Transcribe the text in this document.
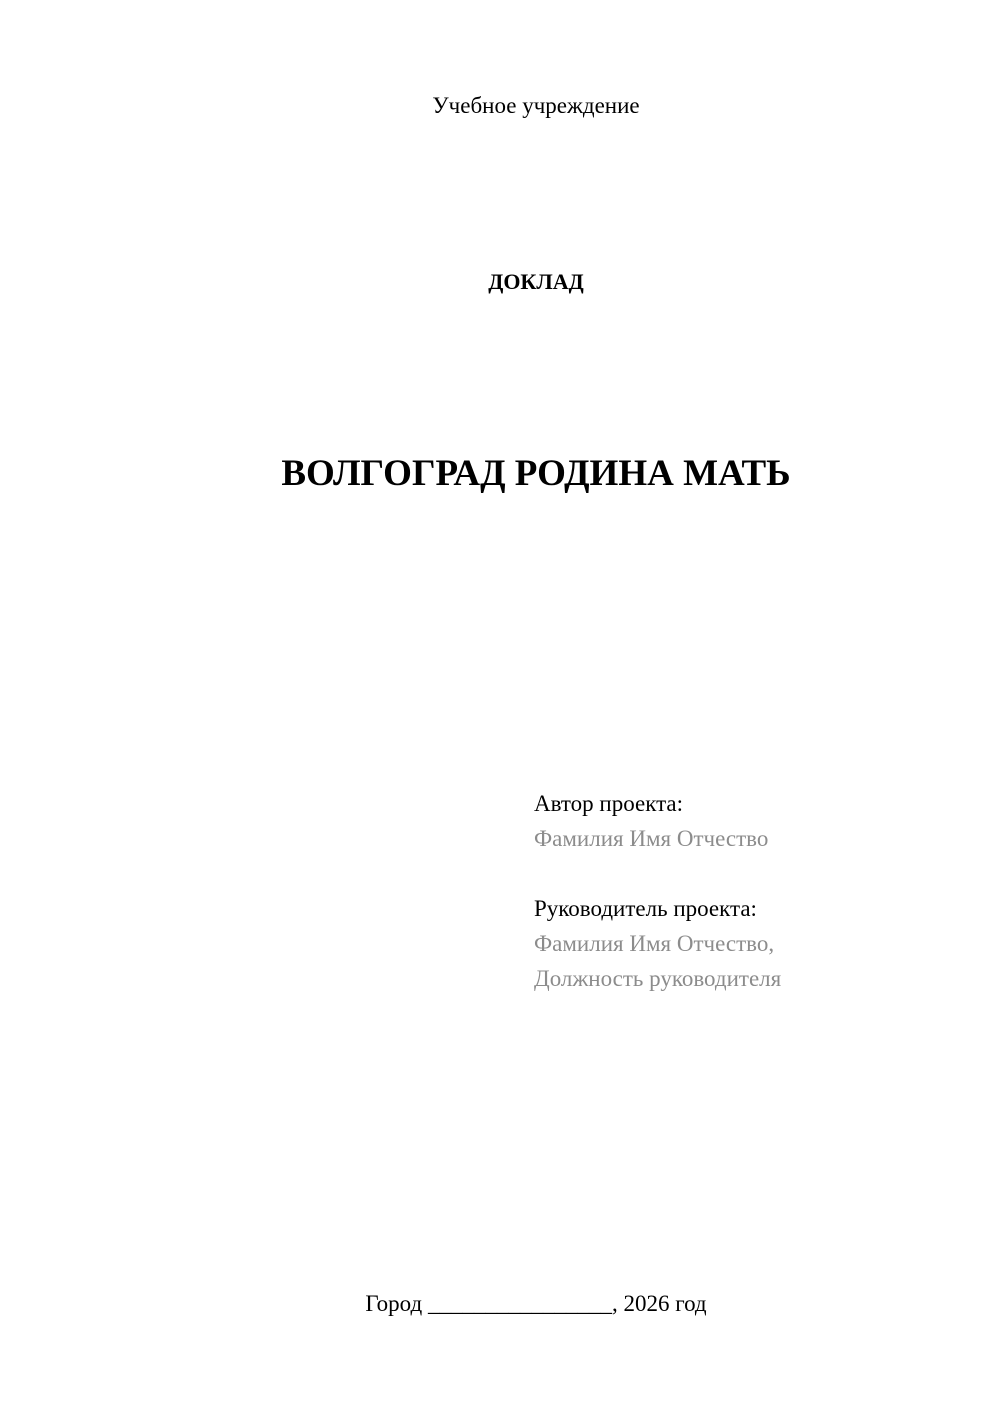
Учебное учреждение
ДОКЛАД
ВОЛГОГРАД РОДИНА МАТЬ
Автор проекта:
Фамилия Имя Отчество
Руководитель проекта:
Фамилия Имя Отчество,
Должность руководителя
Город ________________, 2026 год
